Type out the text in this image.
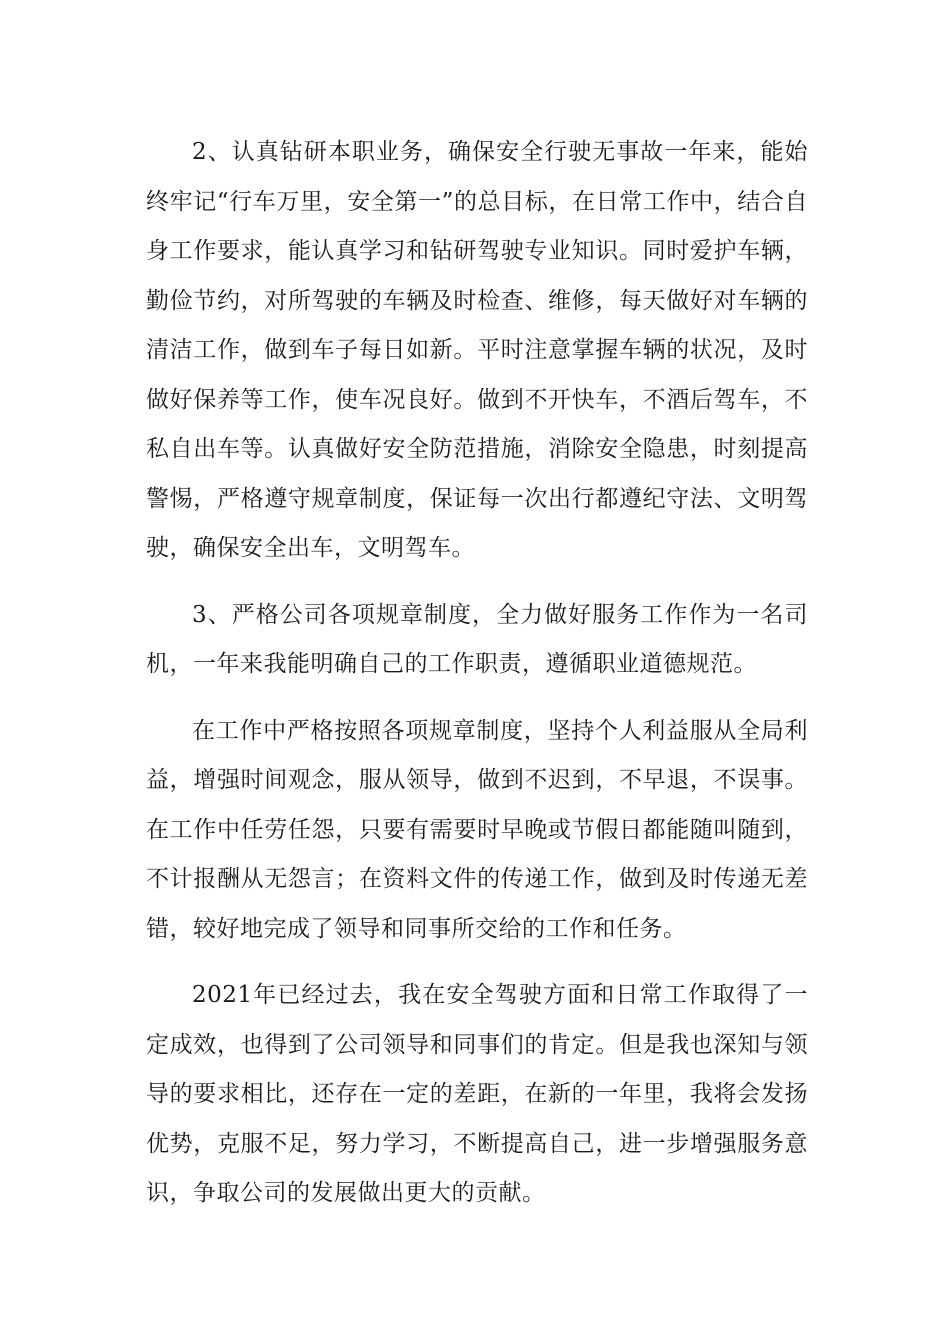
2、认真钻研本职业务，确保安全行驶无事故一年来，能始终牢记“行车万里，安全第一”的总目标，在日常工作中，结合自身工作要求，能认真学习和钻研驾驶专业知识。同时爱护车辆，勤俭节约，对所驾驶的车辆及时检查、维修，每天做好对车辆的清洁工作，做到车子每日如新。平时注意掌握车辆的状况，及时做好保养等工作，使车况良好。做到不开快车，不酒后驾车，不私自出车等。认真做好安全防范措施，消除安全隐患，时刻提高警惕，严格遵守规章制度，保证每一次出行都遵纪守法、文明驾驶，确保安全出车，文明驾车。

3、严格公司各项规章制度，全力做好服务工作作为一名司机，一年来我能明确自己的工作职责，遵循职业道德规范。

在工作中严格按照各项规章制度，坚持个人利益服从全局利益，增强时间观念，服从领导，做到不迟到，不早退，不误事。在工作中任劳任怨，只要有需要时早晚或节假日都能随叫随到，不计报酬从无怨言；在资料文件的传递工作，做到及时传递无差错，较好地完成了领导和同事所交给的工作和任务。

2021年已经过去，我在安全驾驶方面和日常工作取得了一定成效，也得到了公司领导和同事们的肯定。但是我也深知与领导的要求相比，还存在一定的差距，在新的一年里，我将会发扬优势，克服不足，努力学习，不断提高自己，进一步增强服务意识，争取公司的发展做出更大的贡献。
